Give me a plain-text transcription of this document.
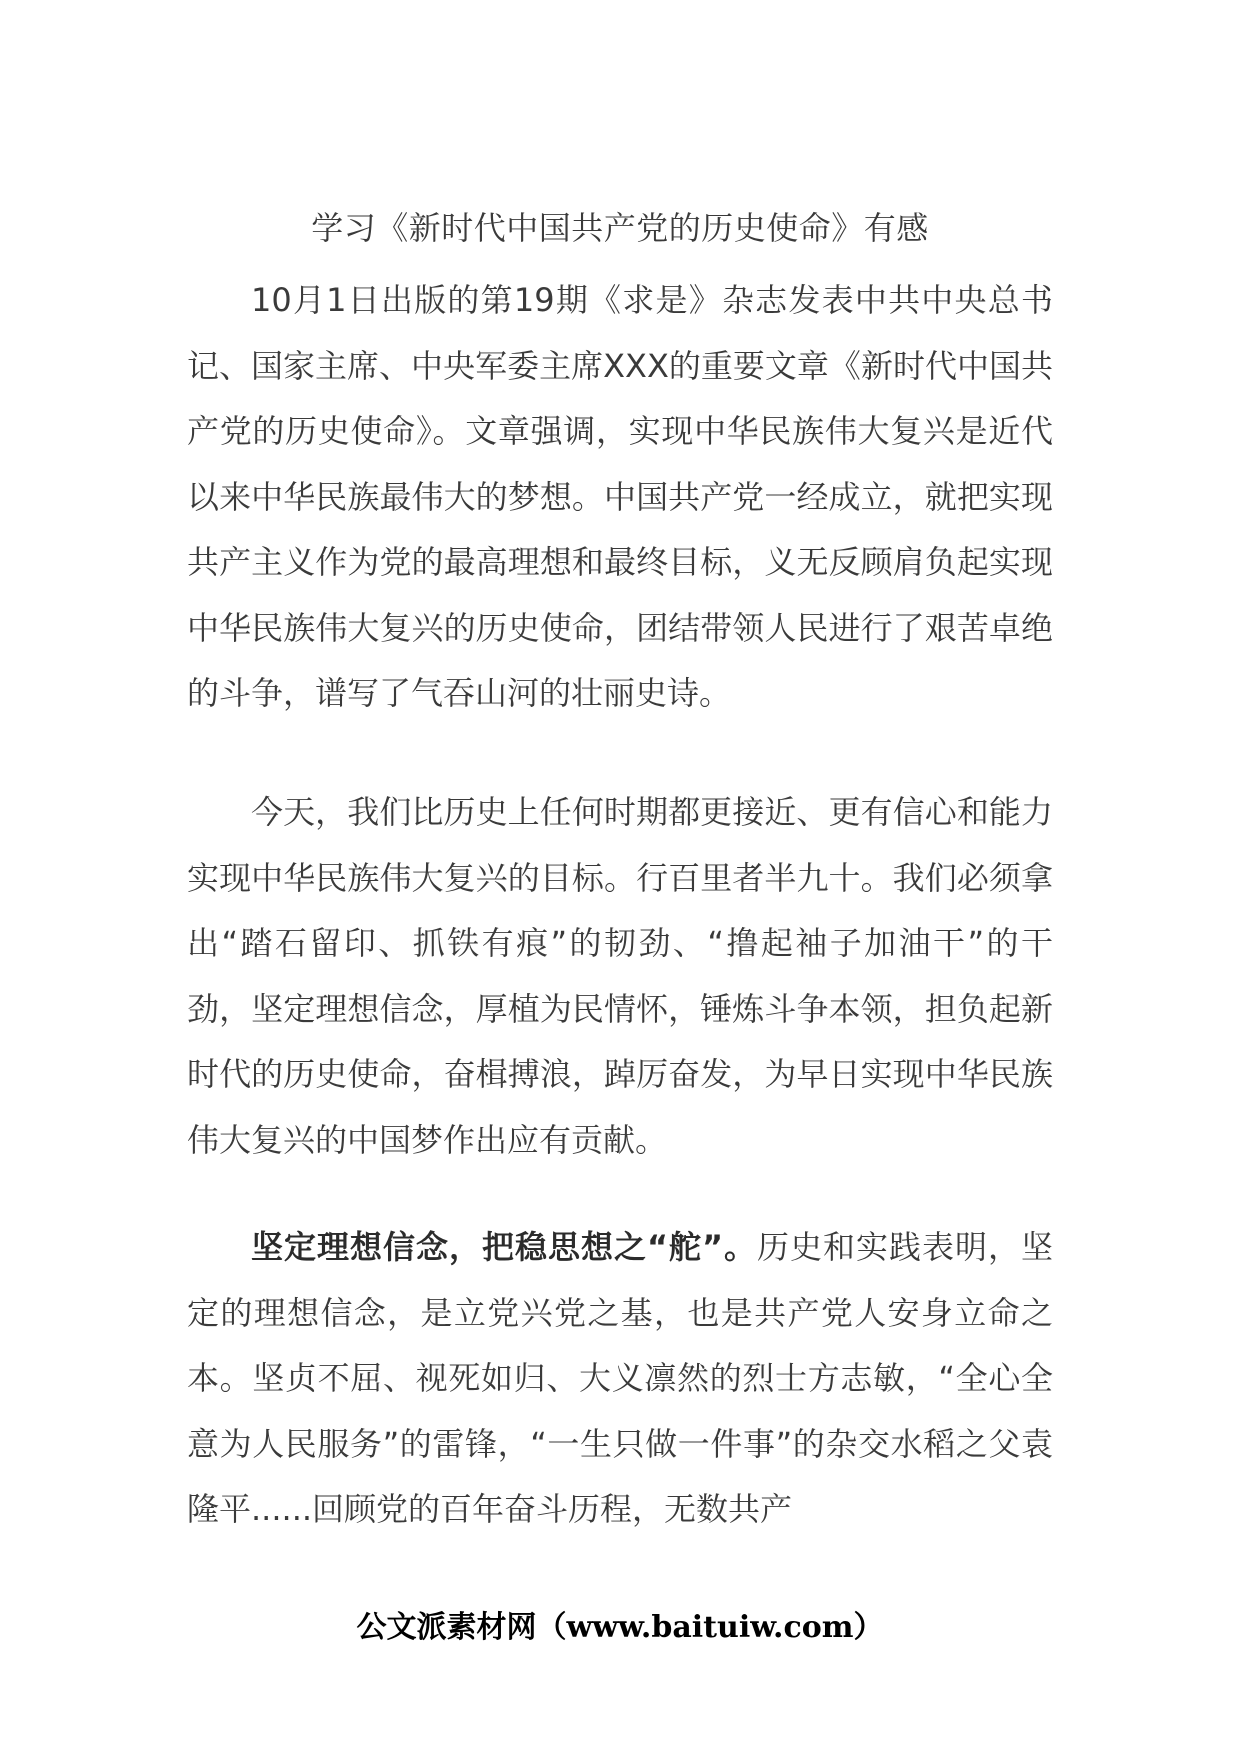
学习《新时代中国共产党的历史使命》有感

10月1日出版的第19期《求是》杂志发表中共中央总书记、国家主席、中央军委主席XXX的重要文章《新时代中国共产党的历史使命》。文章强调，实现中华民族伟大复兴是近代以来中华民族最伟大的梦想。中国共产党一经成立，就把实现共产主义作为党的最高理想和最终目标，义无反顾肩负起实现中华民族伟大复兴的历史使命，团结带领人民进行了艰苦卓绝的斗争，谱写了气吞山河的壮丽史诗。

今天，我们比历史上任何时期都更接近、更有信心和能力实现中华民族伟大复兴的目标。行百里者半九十。我们必须拿出“踏石留印、抓铁有痕”的韧劲、“撸起袖子加油干”的干劲，坚定理想信念，厚植为民情怀，锤炼斗争本领，担负起新时代的历史使命，奋楫搏浪，踔厉奋发，为早日实现中华民族伟大复兴的中国梦作出应有贡献。

坚定理想信念，把稳思想之“舵”。历史和实践表明，坚定的理想信念，是立党兴党之基，也是共产党人安身立命之本。坚贞不屈、视死如归、大义凛然的烈士方志敏，“全心全意为人民服务”的雷锋，“一生只做一件事”的杂交水稻之父袁隆平......回顾党的百年奋斗历程，无数共产

公文派素材网（www.baituiw.com）
